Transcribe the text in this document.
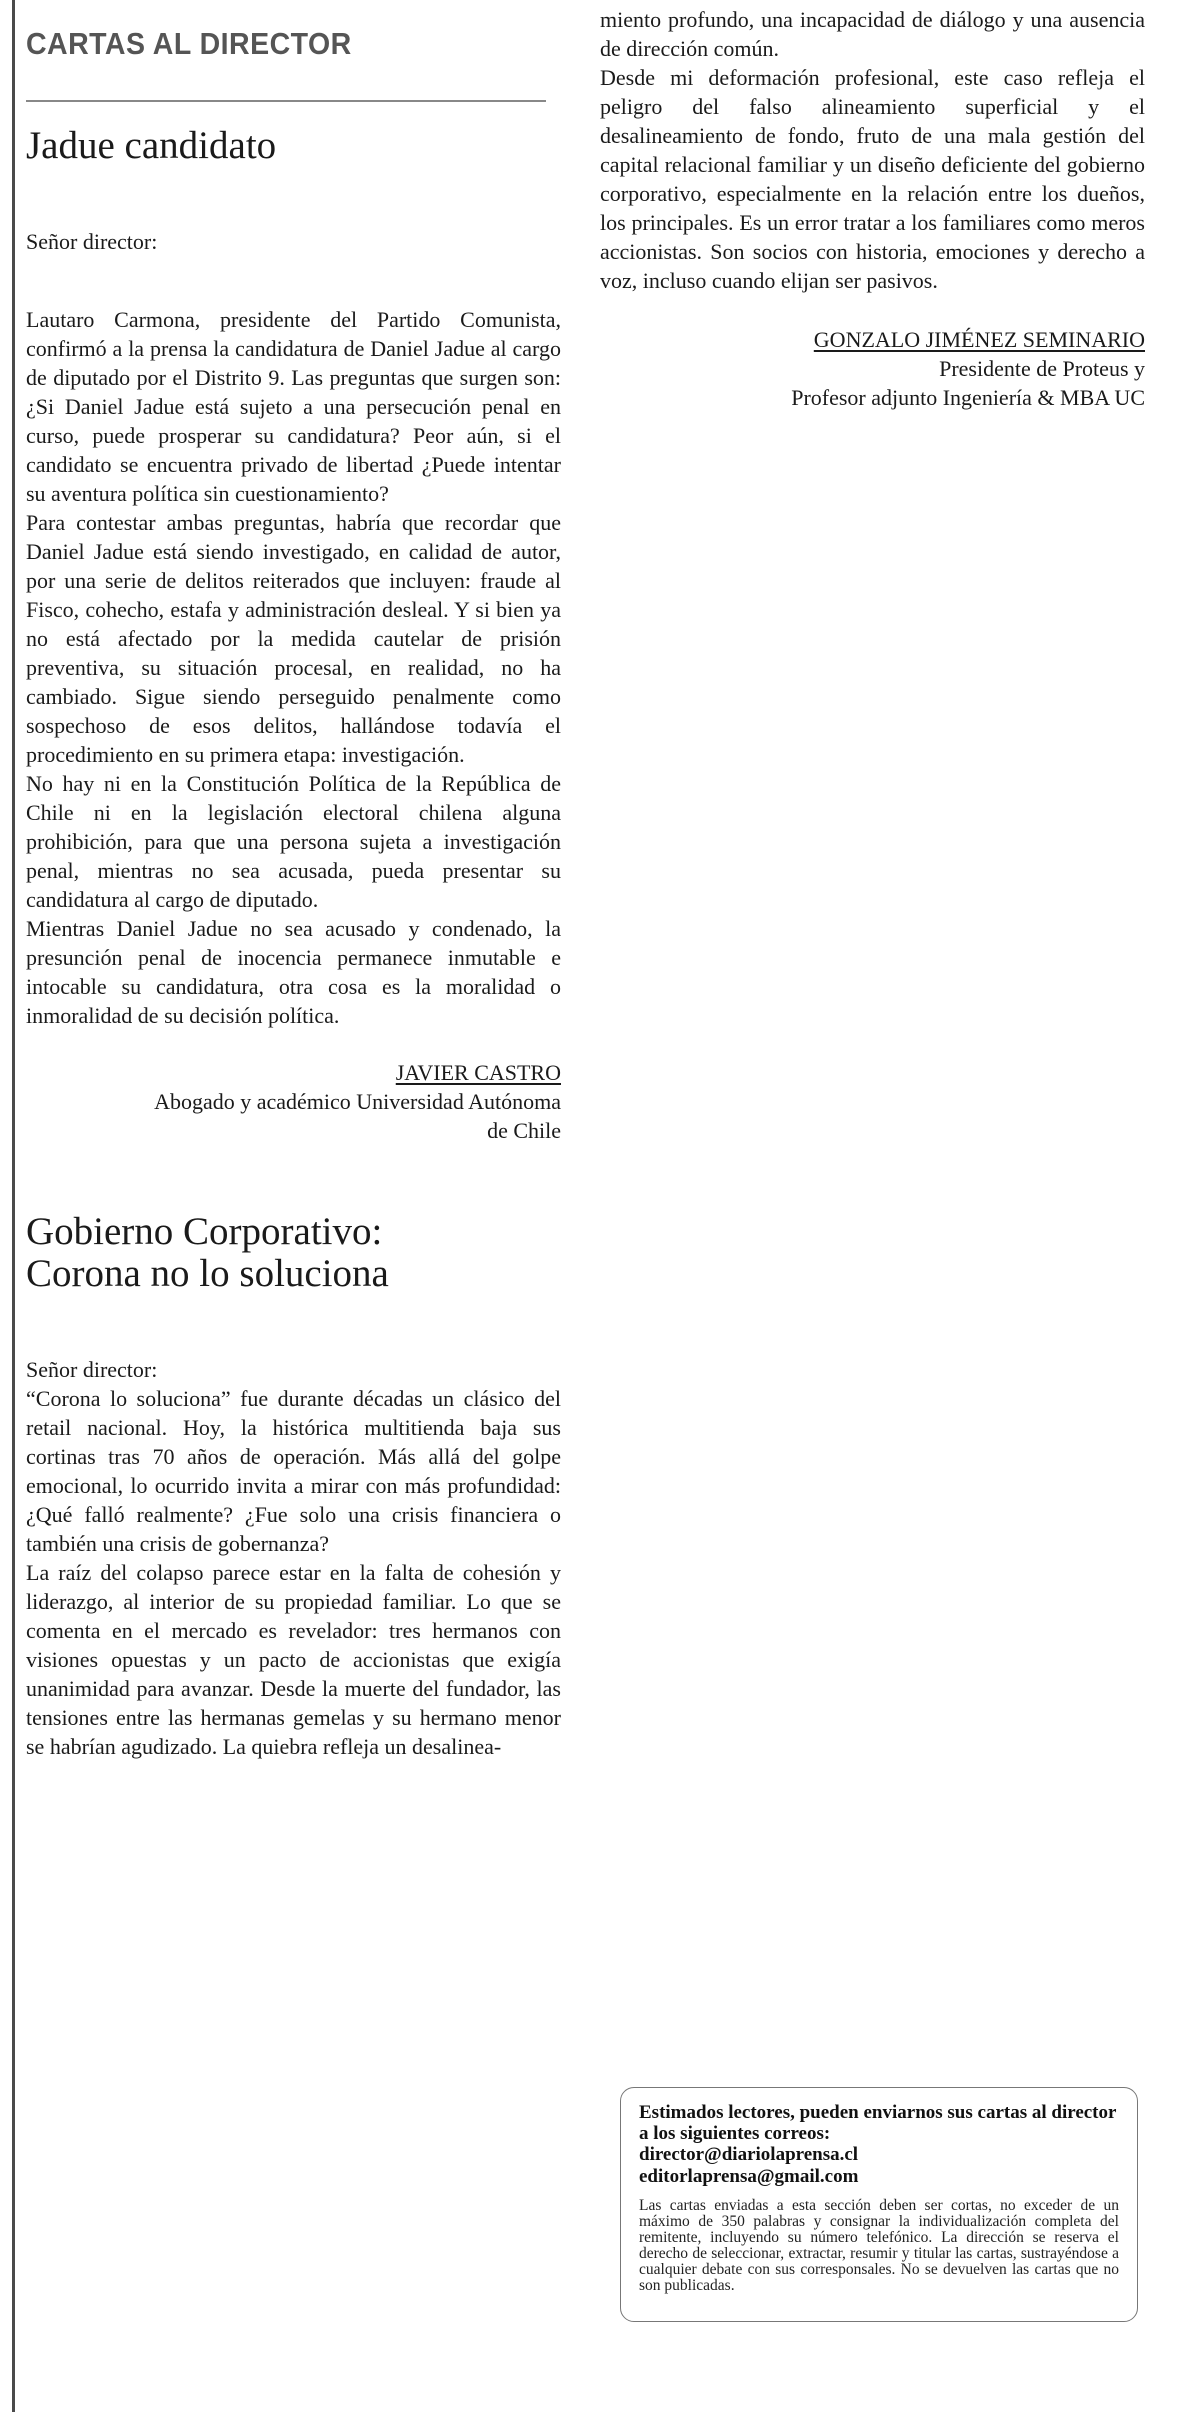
CARTAS AL DIRECTOR
Jadue candidato

Señor director:

Lautaro Carmona, presidente del Partido Comunista, confirmó a la prensa la candidatura de Daniel Jadue al cargo de diputado por el Distrito 9. Las preguntas que surgen son: ¿Si Daniel Jadue está sujeto a una persecución penal en curso, puede prosperar su candidatura? Peor aún, si el candidato se encuentra privado de libertad ¿Puede intentar su aventura política sin cuestionamiento?

Para contestar ambas preguntas, habría que recordar que Daniel Jadue está siendo investigado, en calidad de autor, por una serie de delitos reiterados que incluyen: fraude al Fisco, cohecho, estafa y administración desleal. Y si bien ya no está afectado por la medida cautelar de prisión preventiva, su situación procesal, en realidad, no ha cambiado. Sigue siendo perseguido penalmente como sospechoso de esos delitos, hallándose todavía el procedimiento en su primera etapa: investigación.

No hay ni en la Constitución Política de la República de Chile ni en la legislación electoral chilena alguna prohibición, para que una persona sujeta a investigación penal, mientras no sea acusada, pueda presentar su candidatura al cargo de diputado.

Mientras Daniel Jadue no sea acusado y condenado, la presunción penal de inocencia permanece inmutable e intocable su candidatura, otra cosa es la moralidad o inmoralidad de su decisión política.

JAVIER CASTRO
Abogado y académico Universidad Autónoma
de Chile
Gobierno Corporativo:
Corona no lo soluciona

Señor director:

“Corona lo soluciona” fue durante décadas un clásico del retail nacional. Hoy, la histórica multitienda baja sus cortinas tras 70 años de operación. Más allá del golpe emocional, lo ocurrido invita a mirar con más profundidad: ¿Qué falló realmente? ¿Fue solo una crisis financiera o también una crisis de gobernanza?

La raíz del colapso parece estar en la falta de cohesión y liderazgo, al interior de su propiedad familiar. Lo que se comenta en el mercado es revelador: tres hermanos con visiones opuestas y un pacto de accionistas que exigía unanimidad para avanzar. Desde la muerte del fundador, las tensiones entre las hermanas gemelas y su hermano menor se habrían agudizado. La quiebra refleja un desalinea-

miento profundo, una incapacidad de diálogo y una ausencia de dirección común.

Desde mi deformación profesional, este caso refleja el peligro del falso alineamiento superficial y el desalineamiento de fondo, fruto de una mala gestión del capital relacional familiar y un diseño deficiente del gobierno corporativo, especialmente en la relación entre los dueños, los principales. Es un error tratar a los familiares como meros accionistas. Son socios con historia, emociones y derecho a voz, incluso cuando elijan ser pasivos.

GONZALO JIMÉNEZ SEMINARIO
Presidente de Proteus y
Profesor adjunto Ingeniería & MBA UC

Estimados lectores, pueden enviarnos sus cartas al director a los siguientes correos:

director@diariolaprensa.cl
editorlaprensa@gmail.com

Las cartas enviadas a esta sección deben ser cortas, no exceder de un máximo de 350 palabras y consignar la individualización completa del remitente, incluyendo su número telefónico. La dirección se reserva el derecho de seleccionar, extractar, resumir y titular las cartas, sustrayéndose a cualquier debate con sus corresponsales. No se devuelven las cartas que no son publicadas.
